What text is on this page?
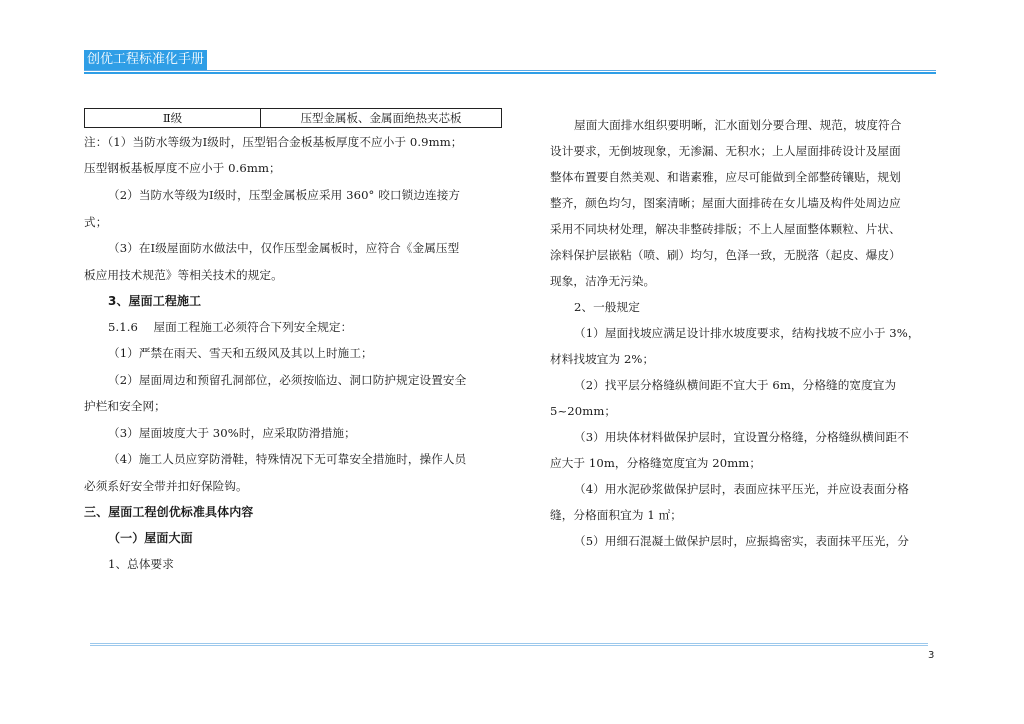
创优工程标准化手册
Ⅱ级	压型金属板、金属面绝热夹芯板

注：（1）当防水等级为Ⅰ级时，压型铝合金板基板厚度不应小于 0.9mm；

压型钢板基板厚度不应小于 0.6mm；

（2）当防水等级为Ⅰ级时，压型金属板应采用 360° 咬口锁边连接方

式；

（3）在Ⅰ级屋面防水做法中，仅作压型金属板时，应符合《金属压型

板应用技术规范》等相关技术的规定。

3、屋面工程施工

5.1.6　 屋面工程施工必须符合下列安全规定：

（1）严禁在雨天、雪天和五级风及其以上时施工；

（2）屋面周边和预留孔洞部位，必须按临边、洞口防护规定设置安全

护栏和安全网；

（3）屋面坡度大于 30%时，应采取防滑措施；

（4）施工人员应穿防滑鞋，特殊情况下无可靠安全措施时，操作人员

必须系好安全带并扣好保险钩。

三、屋面工程创优标准具体内容

（一）屋面大面

1、总体要求

屋面大面排水组织要明晰，汇水面划分要合理、规范，坡度符合

设计要求，无倒坡现象，无渗漏、无积水；上人屋面排砖设计及屋面

整体布置要自然美观、和谐素雅，应尽可能做到全部整砖镶贴，规划

整齐，颜色均匀，图案清晰；屋面大面排砖在女儿墙及构件处周边应

采用不同块材处理，解决非整砖排版；不上人屋面整体颗粒、片状、

涂料保护层嵌粘（喷、刷）均匀，色泽一致，无脱落（起皮、爆皮）

现象，洁净无污染。

2、一般规定

（1）屋面找坡应满足设计排水坡度要求，结构找坡不应小于 3%，

材料找坡宜为 2%；

（2）找平层分格缝纵横间距不宜大于 6m，分格缝的宽度宜为

5~20mm；

（3）用块体材料做保护层时，宜设置分格缝，分格缝纵横间距不

应大于 10m，分格缝宽度宜为 20mm；

（4）用水泥砂浆做保护层时，表面应抹平压光，并应设表面分格

缝，分格面积宜为 1 ㎡；

（5）用细石混凝土做保护层时，应振捣密实，表面抹平压光，分

3
